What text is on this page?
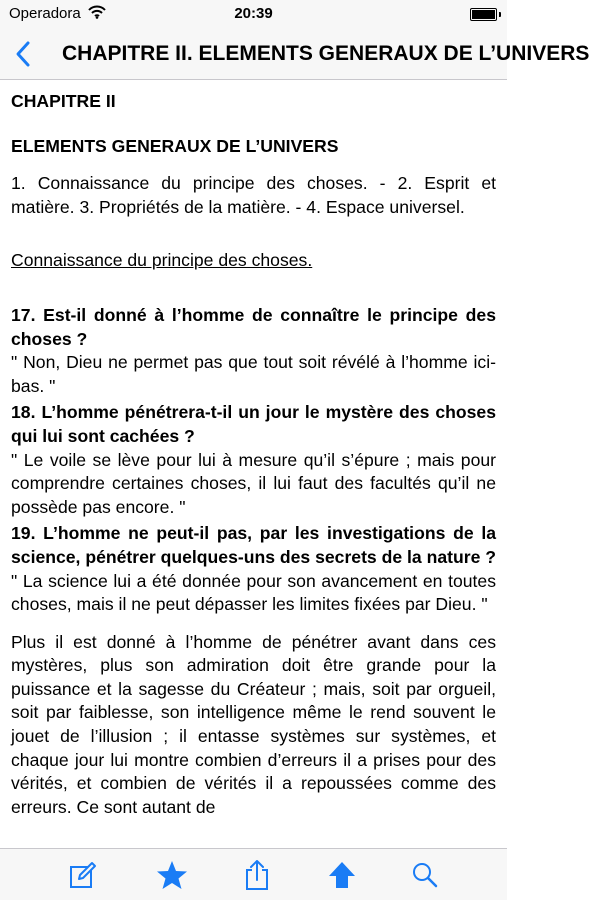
Operadora	20:39
CHAPITRE II. ELEMENTS GENERAUX DE L’UNIVERS

CHAPITRE II

ELEMENTS GENERAUX DE L’UNIVERS

1. Connaissance du principe des choses. - 2. Esprit et matière. 3. Propriétés de la matière. - 4. Espace universel.

Connaissance du principe des choses.

17. Est-il donné à l’homme de connaître le principe des choses ?

" Non, Dieu ne permet pas que tout soit révélé à l’homme ici-bas. "

18. L’homme pénétrera-t-il un jour le mystère des choses qui lui sont cachées ?

" Le voile se lève pour lui à mesure qu’il s’épure ; mais pour comprendre certaines choses, il lui faut des facultés qu’il ne possède pas encore. "

19. L’homme ne peut-il pas, par les investigations de la science, pénétrer quelques-uns des secrets de la nature ?

" La science lui a été donnée pour son avancement en toutes choses, mais il ne peut dépasser les limites fixées par Dieu. "

Plus il est donné à l’homme de pénétrer avant dans ces mystères, plus son admiration doit être grande pour la puissance et la sagesse du Créateur ; mais, soit par orgueil, soit par faiblesse, son intelligence même le rend souvent le jouet de l’illusion ; il entasse systèmes sur systèmes, et chaque jour lui montre combien d’erreurs il a prises pour des vérités, et combien de vérités il a repoussées comme des erreurs. Ce sont autant de
